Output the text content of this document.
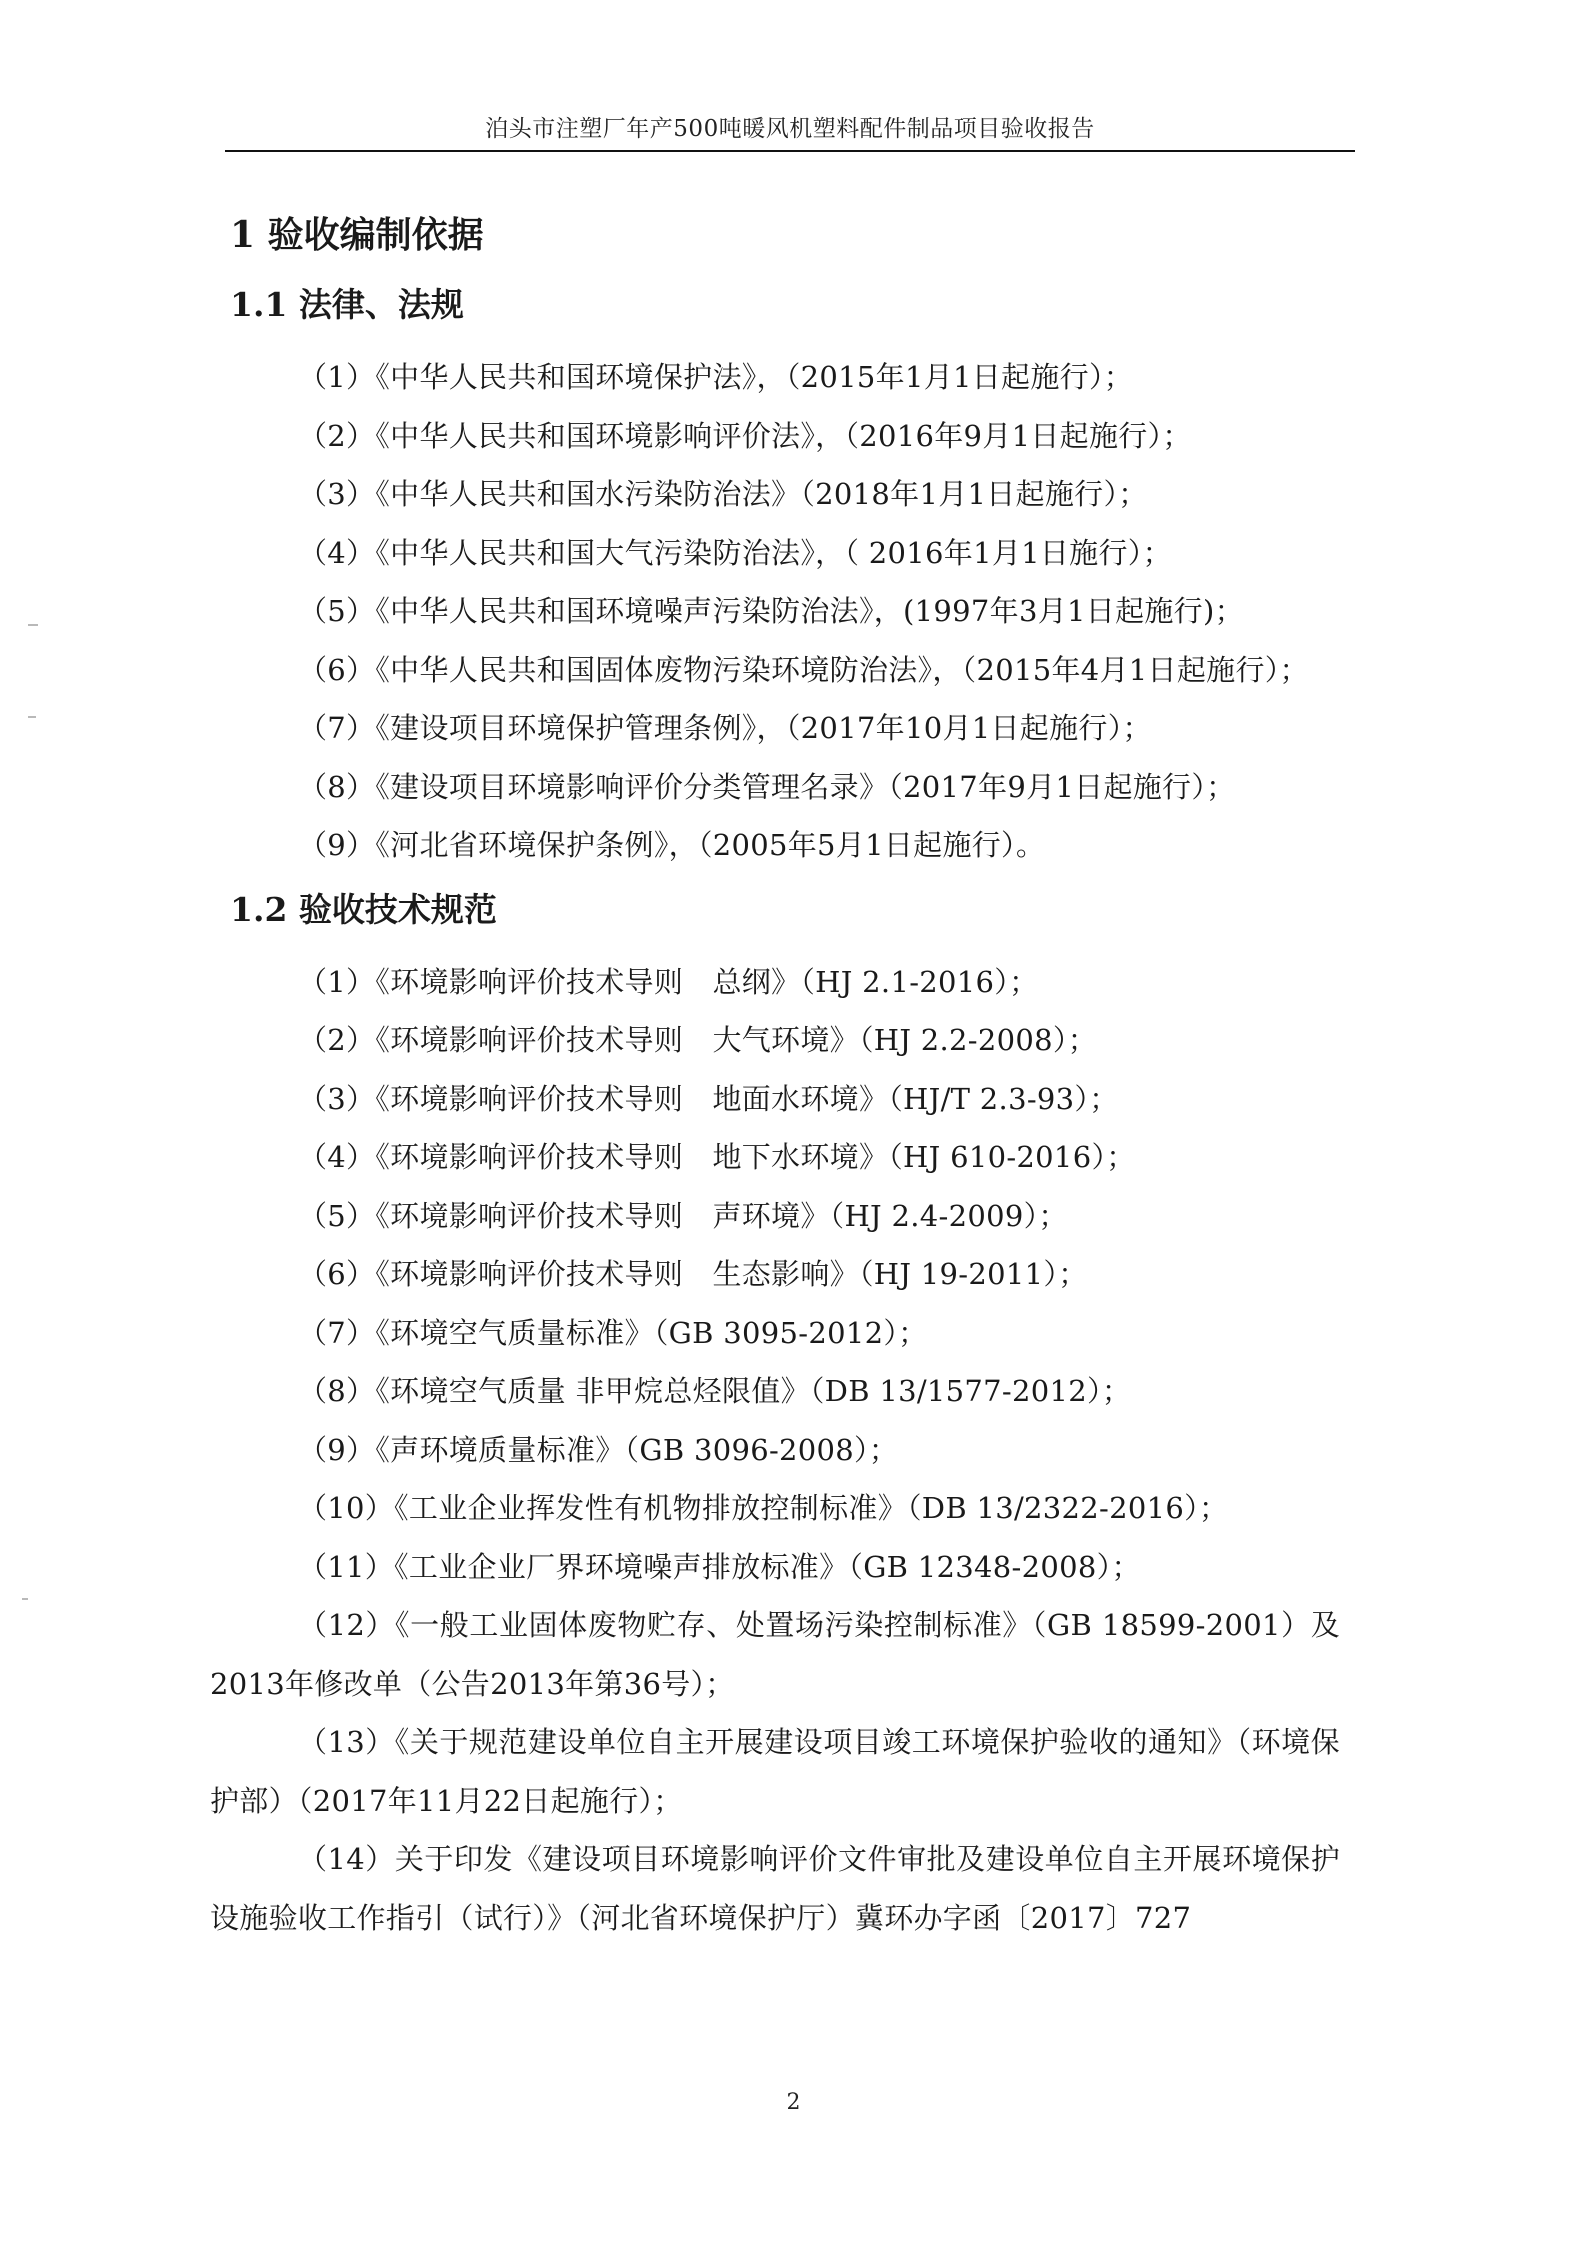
泊头市注塑厂年产500吨暖风机塑料配件制品项目验收报告
1 验收编制依据
1.1 法律、法规

（1）《中华人民共和国环境保护法》，（2015年1月1日起施行）；

（2）《中华人民共和国环境影响评价法》，（2016年9月1日起施行）；

（3）《中华人民共和国水污染防治法》（2018年1月1日起施行）；

（4）《中华人民共和国大气污染防治法》，（ 2016年1月1日施行）；

（5）《中华人民共和国环境噪声污染防治法》，(1997年3月1日起施行)；

（6）《中华人民共和国固体废物污染环境防治法》，（2015年4月1日起施行）；

（7）《建设项目环境保护管理条例》，（2017年10月1日起施行）；

（8）《建设项目环境影响评价分类管理名录》（2017年9月1日起施行）；

（9）《河北省环境保护条例》，（2005年5月1日起施行）。

1.2 验收技术规范

（1）《环境影响评价技术导则　总纲》（HJ 2.1-2016）；

（2）《环境影响评价技术导则　大气环境》（HJ 2.2-2008）；

（3）《环境影响评价技术导则　地面水环境》（HJ/T 2.3-93）；

（4）《环境影响评价技术导则　地下水环境》（HJ 610-2016）；

（5）《环境影响评价技术导则　声环境》（HJ 2.4-2009）；

（6）《环境影响评价技术导则　生态影响》（HJ 19-2011）；

（7）《环境空气质量标准》（GB 3095-2012）；

（8）《环境空气质量 非甲烷总烃限值》（DB 13/1577-2012）；

（9）《声环境质量标准》（GB 3096-2008）；

（10）《工业企业挥发性有机物排放控制标准》（DB 13/2322-2016）；

（11）《工业企业厂界环境噪声排放标准》（GB 12348-2008）；

（12）《一般工业固体废物贮存、处置场污染控制标准》（GB 18599-2001）及2013年修改单（公告2013年第36号）；

（13）《关于规范建设单位自主开展建设项目竣工环境保护验收的通知》（环境保护部）（2017年11月22日起施行）；

（14）关于印发《建设项目环境影响评价文件审批及建设单位自主开展环境保护设施验收工作指引（试行）》（河北省环境保护厅）冀环办字函〔2017〕727

2
